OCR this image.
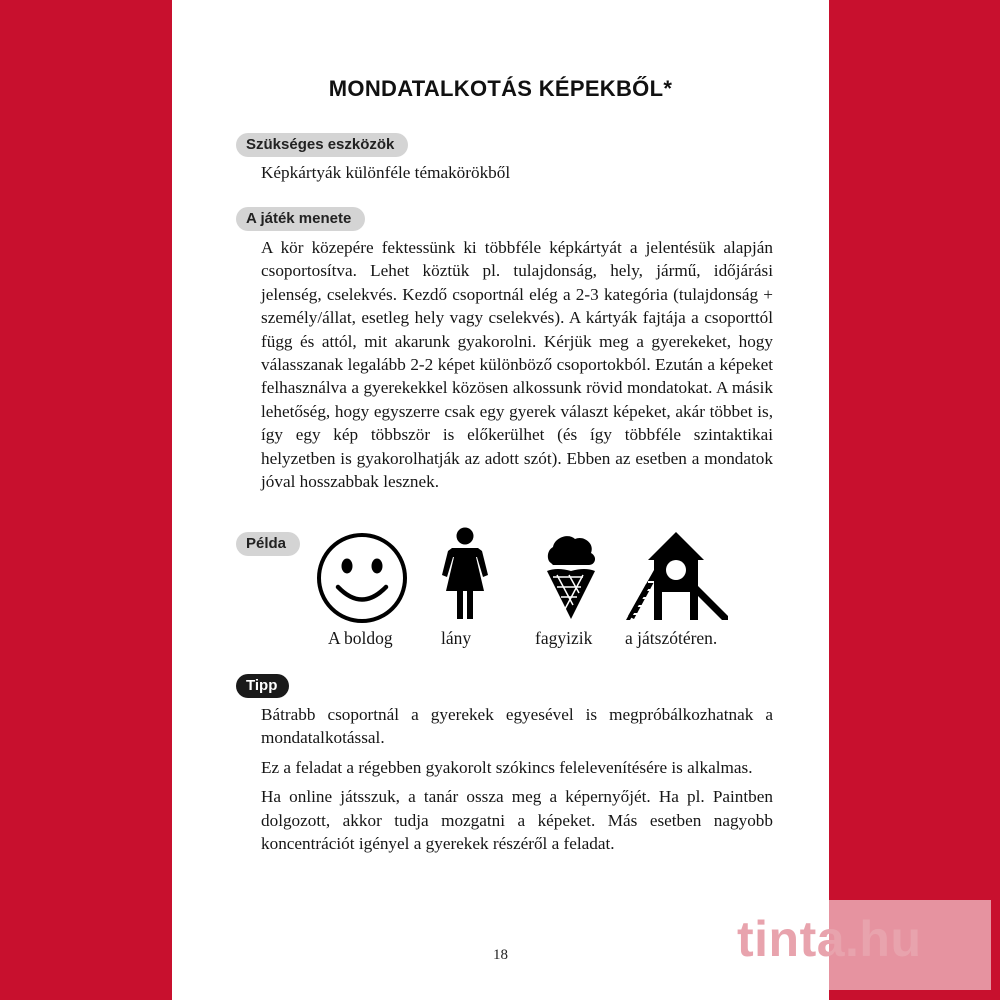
MONDATALKOTÁS KÉPEKBŐL*
Szükséges eszközök

Képkártyák különféle témakörökből

A játék menete

A kör közepére fektessünk ki többféle képkártyát a jelentésük alapján csoportosítva. Lehet köztük pl. tulajdonság, hely, jármű, időjárási jelenség, cselekvés. Kezdő csoportnál elég a 2-3 kategória (tulajdonság + személy/állat, esetleg hely vagy cselekvés). A kártyák fajtája a csoporttól függ és attól, mit akarunk gyakorolni. Kérjük meg a gyerekeket, hogy válasszanak legalább 2-2 képet különböző csoportokból. Ezután a képeket felhasználva a gyerekekkel közösen alkossunk rövid mondatokat. A másik lehetőség, hogy egyszerre csak egy gyerek választ képeket, akár többet is, így egy kép többször is előkerülhet (és így többféle szintaktikai helyzetben is gyakorolhatják az adott szót). Ebben az esetben a mondatok jóval hosszabbak lesznek.

Példa
A boldog	lány	fagyizik a játszótéren.
Tipp

Bátrabb csoportnál a gyerekek egyesével is megpróbálkozhatnak a mondatalkotással.

Ez a feladat a régebben gyakorolt szókincs felelevenítésére is alkalmas.

Ha online játsszuk, a tanár ossza meg a képernyőjét. Ha pl. Paintben dolgozott, akkor tudja mozgatni a képeket. Más esetben nagyobb koncentrációt igényel a gyerekek részéről a feladat.

18	tinta.hu
